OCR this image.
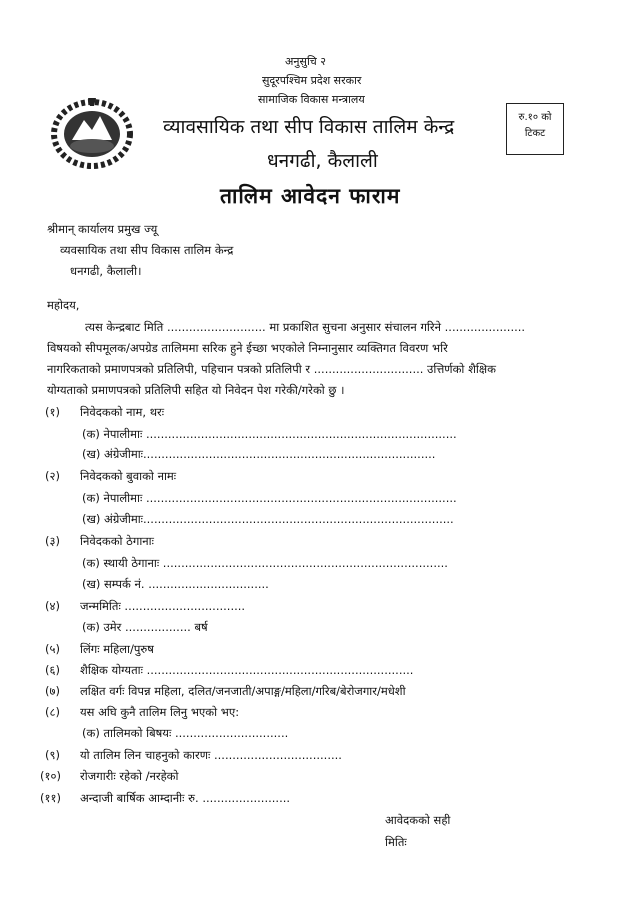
अनुसुचि २
सुदूरपश्चिम प्रदेश सरकार
सामाजिक विकास मन्त्रालय
व्यावसायिक तथा सीप विकास तालिम केन्द्र
धनगढी, कैलाली
तालिम आवेदन फाराम
रु.१० को
टिकट
श्रीमान् कार्यालय प्रमुख ज्यू
व्यवसायिक तथा सीप विकास तालिम केन्द्र
धनगढी, कैलाली।
महोदय,
त्यस केन्द्रबाट मिति ........................... मा प्रकाशित सुचना अनुसार संचालन गरिने ......................
विषयको सीपमूलक/अपग्रेड तालिममा सरिक हुने ईच्छा भएकोले निम्नानुसार व्यक्तिगत विवरण भरि
नागरिकताको प्रमाणपत्रको प्रतिलिपी, पहिचान पत्रको प्रतिलिपी र .............................. उत्तिर्णको शैक्षिक
योग्यताको प्रमाणपत्रको प्रतिलिपी सहित यो निवेदन पेश गरेकी/गरेको छु ।
(१) निवेदकको नाम, थरः
(क) नेपालीमाः .....................................................................................
(ख) अंग्रेजीमाः................................................................................
(२) निवेदकको बुवाको नामः
(क) नेपालीमाः .....................................................................................
(ख) अंग्रेजीमाः.....................................................................................
(३) निवेदकको ठेगानाः
(क) स्थायी ठेगानाः ..............................................................................
(ख) सम्पर्क नं. .................................
(४) जन्ममितिः .................................
(क) उमेर .................. बर्ष
(५) लिंगः महिला/पुरुष
(६) शैक्षिक योग्यताः .........................................................................
(७) लक्षित वर्गः विपन्न महिला, दलित/जनजाती/अपाङ्ग/महिला/गरिब/बेरोजगार/मधेशी
(८) यस अघि कुनै तालिम लिनु भएको भए:
(क) तालिमको बिषयः ...............................
(९) यो तालिम लिन चाहनुको कारणः ...................................
(१०) रोजगारीः रहेको /नरहेको
(११) अन्दाजी बार्षिक आम्दानीः रु. ........................
आवेदकको सही
मितिः
